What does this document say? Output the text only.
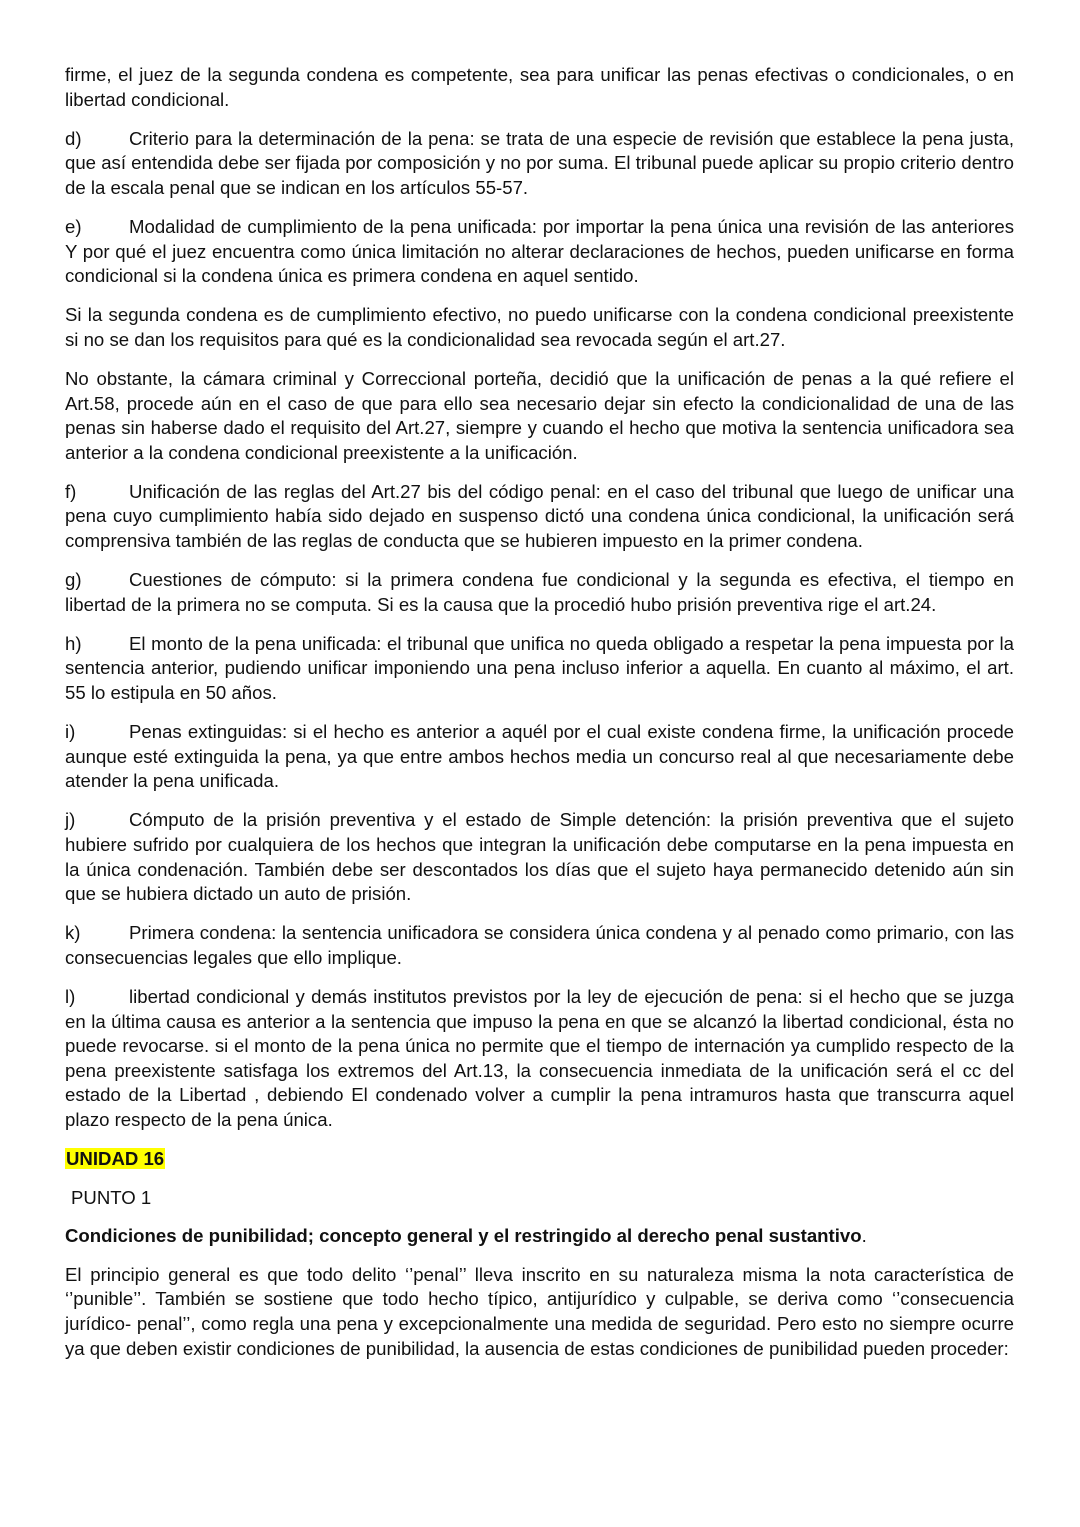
firme, el juez de la segunda condena es competente, sea para unificar las penas efectivas o condicionales, o en libertad condicional.

d)	Criterio para la determinación de la pena: se trata de una especie de revisión que establece la pena justa, que así entendida debe ser fijada por composición y no por suma. El tribunal puede aplicar su propio criterio dentro de la escala penal que se indican en los artículos 55-57.

e)	Modalidad de cumplimiento de la pena unificada: por importar la pena única una revisión de las anteriores Y por qué el juez encuentra como única limitación no alterar declaraciones de hechos, pueden unificarse en forma condicional si la condena única es primera condena en aquel sentido.

Si la segunda condena es de cumplimiento efectivo, no puedo unificarse con la condena condicional preexistente si no se dan los requisitos para qué es la condicionalidad sea revocada según el art.27.

No obstante, la cámara criminal y Correccional porteña, decidió que la unificación de penas a la qué refiere el Art.58, procede aún en el caso de que para ello sea necesario dejar sin efecto la condicionalidad de una de las penas sin haberse dado el requisito del Art.27, siempre y cuando el hecho que motiva la sentencia unificadora sea anterior a la condena condicional preexistente a la unificación.

f)	Unificación de las reglas del Art.27 bis del código penal: en el caso del tribunal que luego de unificar una pena cuyo cumplimiento había sido dejado en suspenso dictó una condena única condicional, la unificación será comprensiva también de las reglas de conducta que se hubieren impuesto en la primer condena.

g)	Cuestiones de cómputo: si la primera condena fue condicional y la segunda es efectiva, el tiempo en libertad de la primera no se computa. Si es la causa que la procedió hubo prisión preventiva rige el art.24.

h)	El monto de la pena unificada: el tribunal que unifica no queda obligado a respetar la pena impuesta por la sentencia anterior, pudiendo unificar imponiendo una pena incluso inferior a aquella. En cuanto al máximo, el art. 55 lo estipula en 50 años.

i)	Penas extinguidas: si el hecho es anterior a aquél por el cual existe condena firme, la unificación procede aunque esté extinguida la pena, ya que entre ambos hechos media un concurso real al que necesariamente debe atender la pena unificada.

j)	Cómputo de la prisión preventiva y el estado de Simple detención: la prisión preventiva que el sujeto hubiere sufrido por cualquiera de los hechos que integran la unificación debe computarse en la pena impuesta en la única condenación. También debe ser descontados los días que el sujeto haya permanecido detenido aún sin que se hubiera dictado un auto de prisión.

k)	Primera condena: la sentencia unificadora se considera única condena y al penado como primario, con las consecuencias legales que ello implique.

l)	libertad condicional y demás institutos previstos por la ley de ejecución de pena: si el hecho que se juzga en la última causa es anterior a la sentencia que impuso la pena en que se alcanzó la libertad condicional, ésta no puede revocarse. si el monto de la pena única no permite que el tiempo de internación ya cumplido respecto de la pena preexistente satisfaga los extremos del Art.13, la consecuencia inmediata de la unificación será el cc del estado de la Libertad , debiendo El condenado volver a cumplir la pena intramuros hasta que transcurra aquel plazo respecto de la pena única.

UNIDAD 16

PUNTO 1

Condiciones de punibilidad; concepto general y el restringido al derecho penal sustantivo.

El principio general es que todo delito ‘’penal’’ lleva inscrito en su naturaleza misma la nota característica de ‘’punible’’. También se sostiene que todo hecho típico, antijurídico y culpable, se deriva como ‘’consecuencia jurídico- penal’’, como regla una pena y excepcionalmente una medida de seguridad. Pero esto no siempre ocurre ya que deben existir condiciones de punibilidad, la ausencia de estas condiciones de punibilidad pueden proceder:
